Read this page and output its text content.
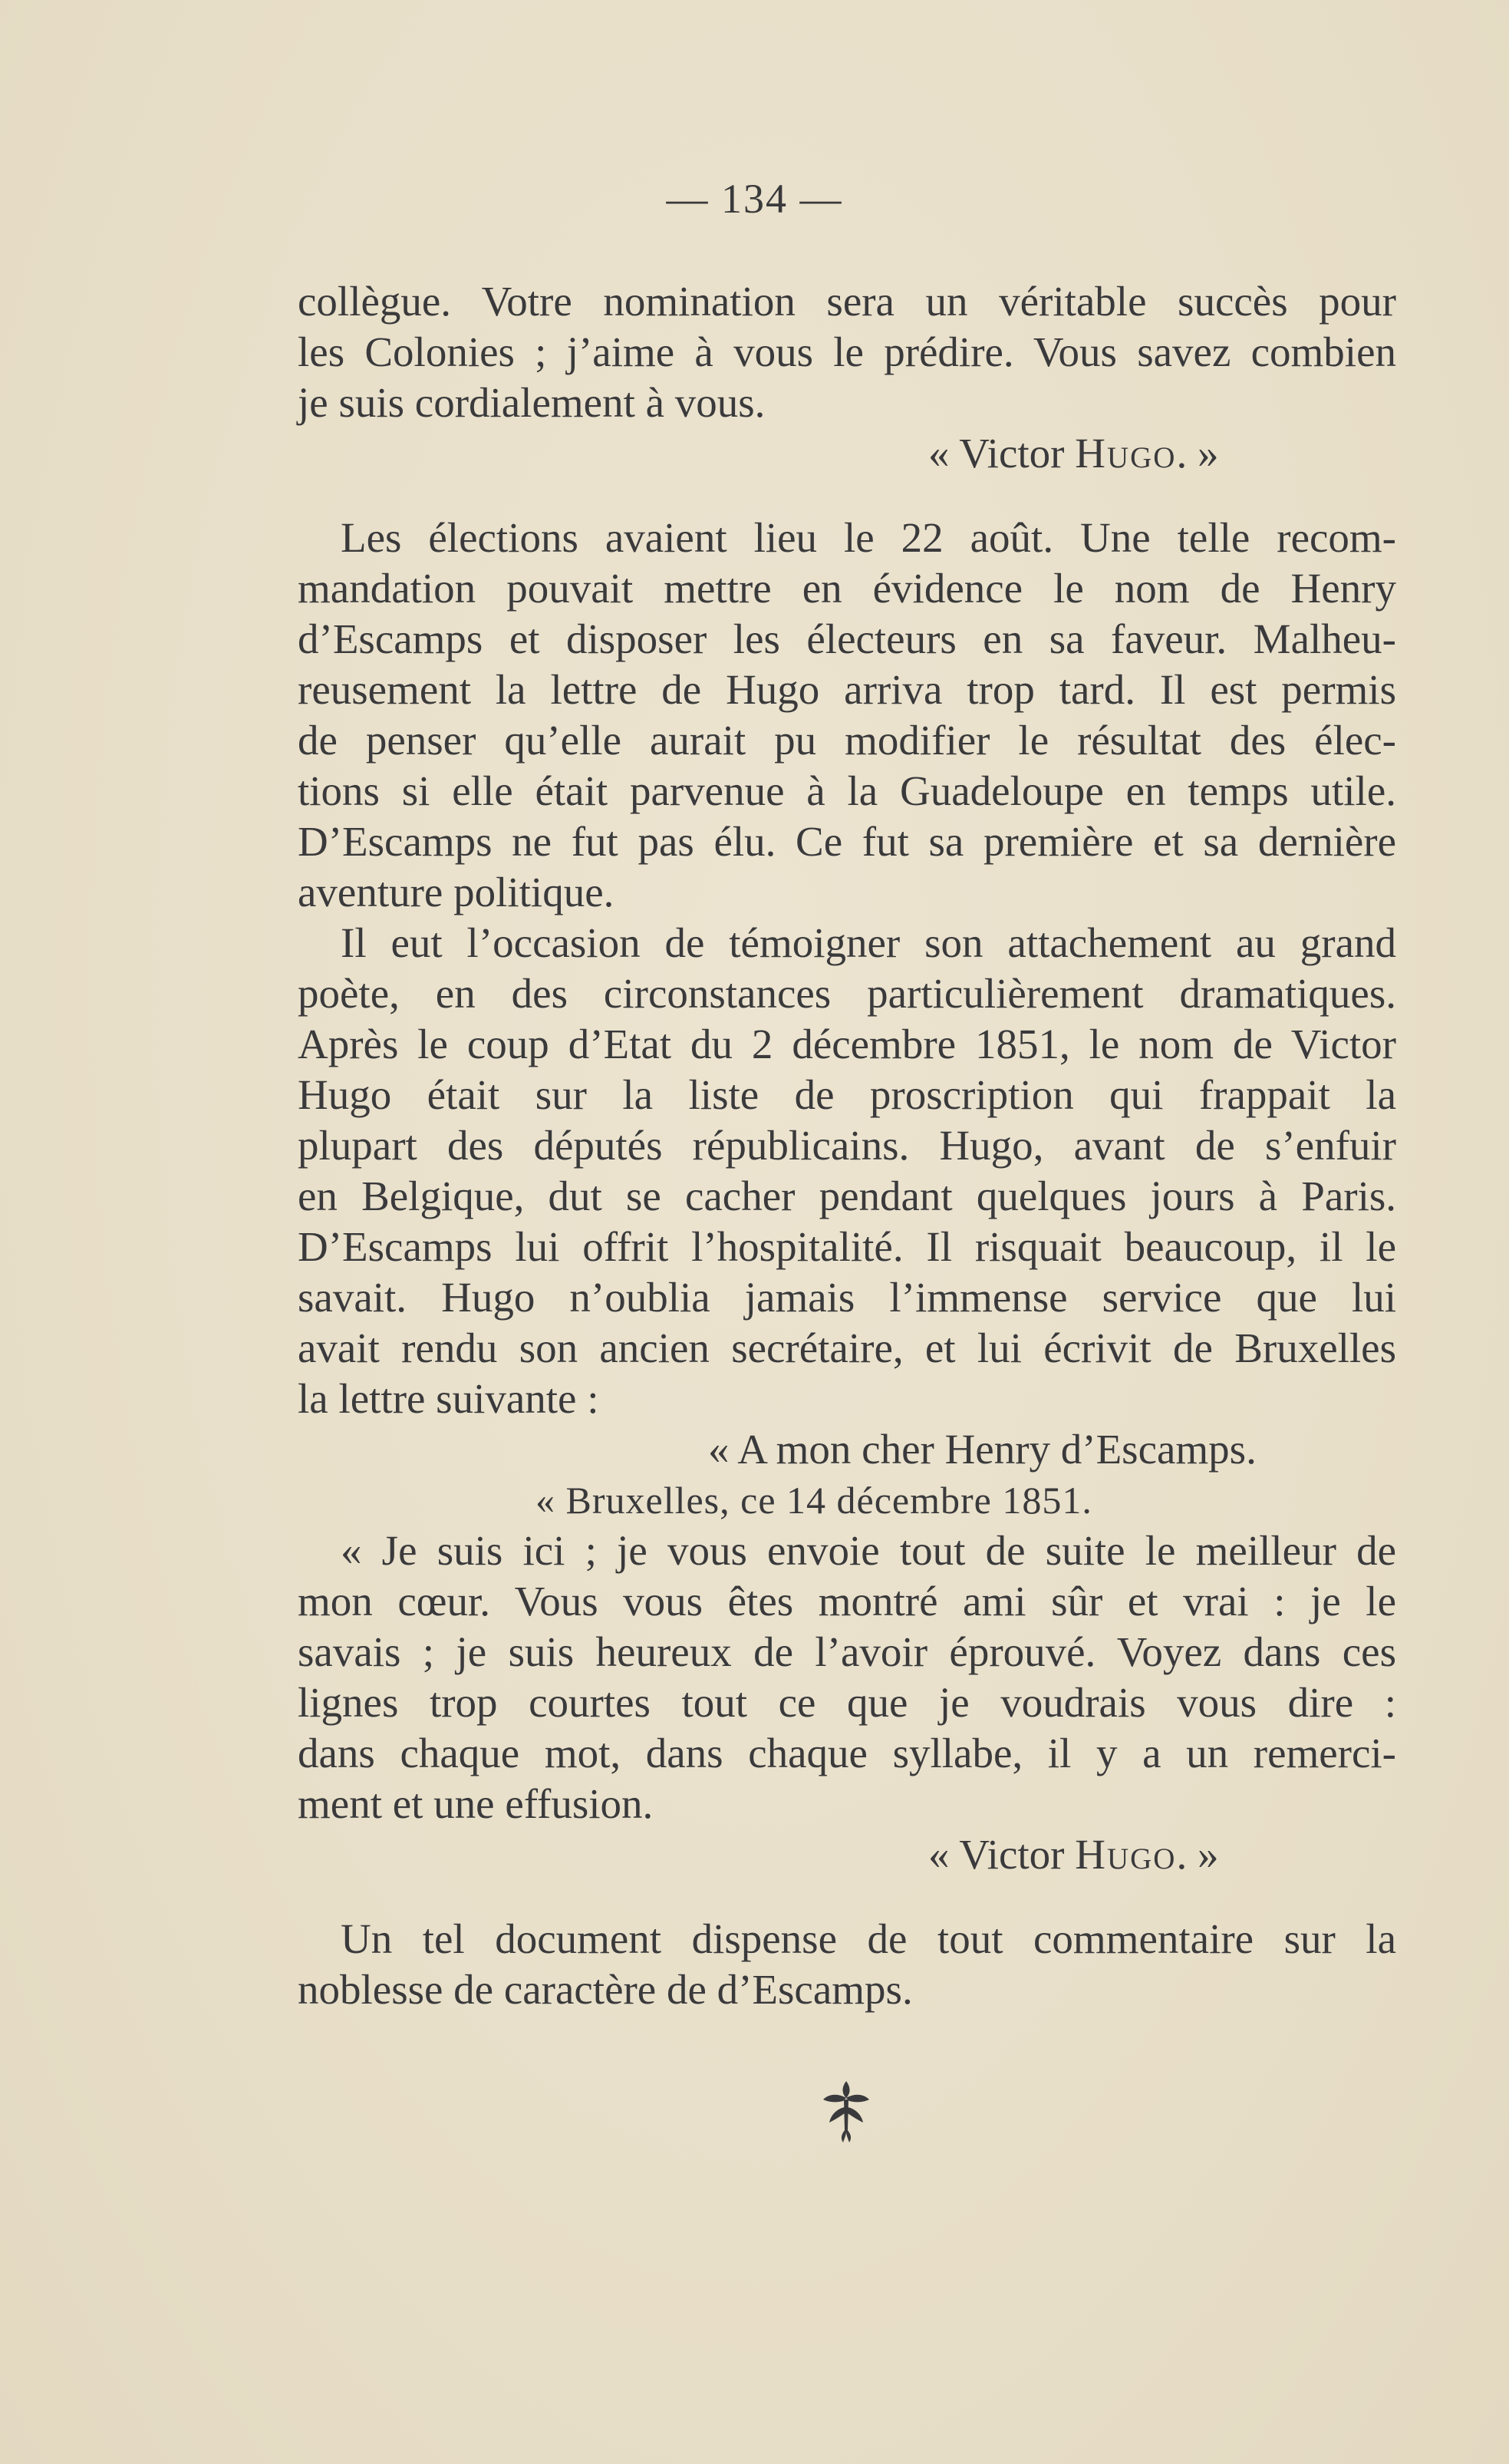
— 134 —
collègue. Votre nomination sera un véritable succès pour
les Colonies ; j’aime à vous le prédire. Vous savez combien
je suis cordialement à vous.
« Victor Hugo. »
Les élections avaient lieu le 22 août. Une telle recom-
mandation pouvait mettre en évidence le nom de Henry
d’Escamps et disposer les électeurs en sa faveur. Malheu-
reusement la lettre de Hugo arriva trop tard. Il est permis
de penser qu’elle aurait pu modifier le résultat des élec-
tions si elle était parvenue à la Guadeloupe en temps utile.
D’Escamps ne fut pas élu. Ce fut sa première et sa dernière
aventure politique.
Il eut l’occasion de témoigner son attachement au grand
poète, en des circonstances particulièrement dramatiques.
Après le coup d’Etat du 2 décembre 1851, le nom de Victor
Hugo était sur la liste de proscription qui frappait la
plupart des députés républicains. Hugo, avant de s’enfuir
en Belgique, dut se cacher pendant quelques jours à Paris.
D’Escamps lui offrit l’hospitalité. Il risquait beaucoup, il le
savait. Hugo n’oublia jamais l’immense service que lui
avait rendu son ancien secrétaire, et lui écrivit de Bruxelles
la lettre suivante :
« A mon cher Henry d’Escamps.
« Bruxelles, ce 14 décembre 1851.
« Je suis ici ; je vous envoie tout de suite le meilleur de
mon cœur. Vous vous êtes montré ami sûr et vrai : je le
savais ; je suis heureux de l’avoir éprouvé. Voyez dans ces
lignes trop courtes tout ce que je voudrais vous dire :
dans chaque mot, dans chaque syllabe, il y a un remerci-
ment et une effusion.
« Victor Hugo. »
Un tel document dispense de tout commentaire sur la
noblesse de caractère de d’Escamps.
